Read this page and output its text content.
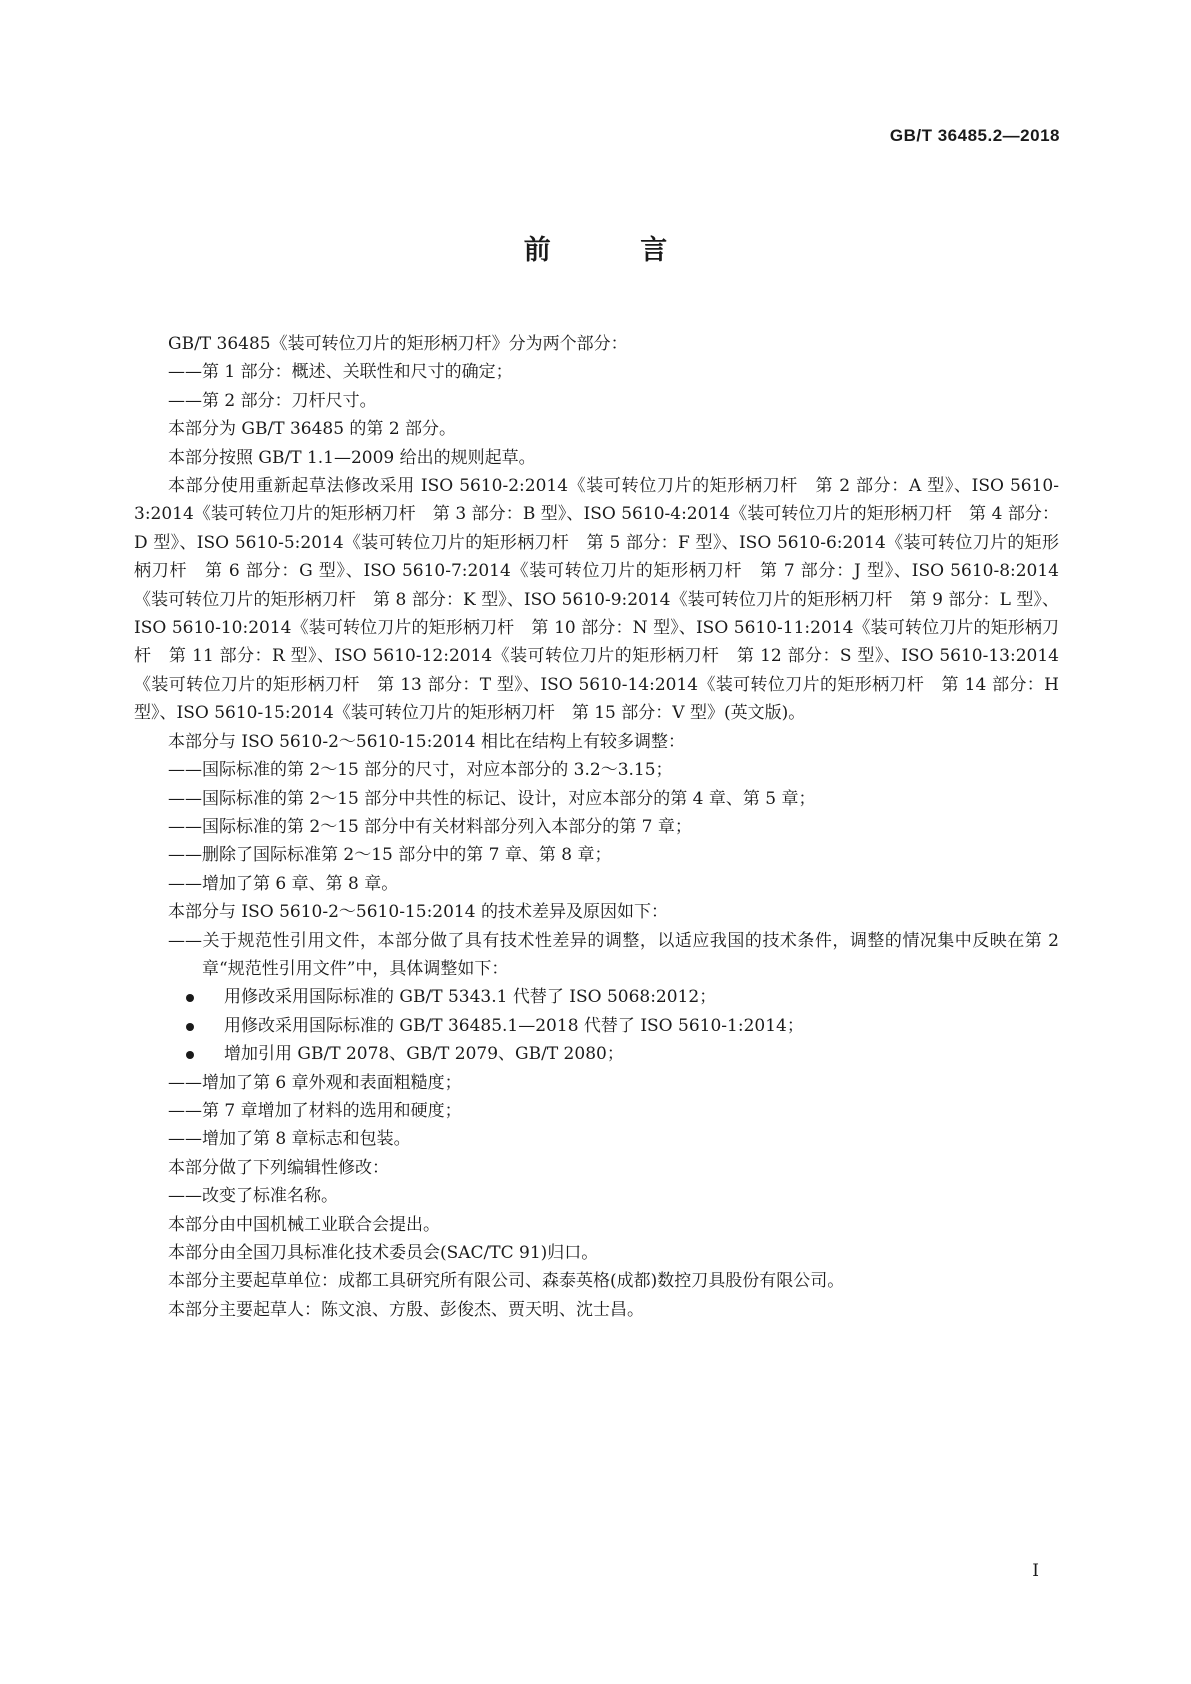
GB/T 36485.2—2018
前 言

GB/T 36485《装可转位刀片的矩形柄刀杆》分为两个部分：

——第 1 部分：概述、关联性和尺寸的确定；

——第 2 部分：刀杆尺寸。

本部分为 GB/T 36485 的第 2 部分。

本部分按照 GB/T 1.1—2009 给出的规则起草。

本部分使用重新起草法修改采用 ISO 5610-2:2014《装可转位刀片的矩形柄刀杆　第 2 部分：A 型》、ISO 5610-3:2014《装可转位刀片的矩形柄刀杆　第 3 部分：B 型》、ISO 5610-4:2014《装可转位刀片的矩形柄刀杆　第 4 部分：D 型》、ISO 5610-5:2014《装可转位刀片的矩形柄刀杆　第 5 部分：F 型》、ISO 5610-6:2014《装可转位刀片的矩形柄刀杆　第 6 部分：G 型》、ISO 5610-7:2014《装可转位刀片的矩形柄刀杆　第 7 部分：J 型》、ISO 5610-8:2014《装可转位刀片的矩形柄刀杆　第 8 部分：K 型》、ISO 5610-9:2014《装可转位刀片的矩形柄刀杆　第 9 部分：L 型》、ISO 5610-10:2014《装可转位刀片的矩形柄刀杆　第 10 部分：N 型》、ISO 5610-11:2014《装可转位刀片的矩形柄刀杆　第 11 部分：R 型》、ISO 5610-12:2014《装可转位刀片的矩形柄刀杆　第 12 部分：S 型》、ISO 5610-13:2014《装可转位刀片的矩形柄刀杆　第 13 部分：T 型》、ISO 5610-14:2014《装可转位刀片的矩形柄刀杆　第 14 部分：H 型》、ISO 5610-15:2014《装可转位刀片的矩形柄刀杆　第 15 部分：V 型》(英文版)。

本部分与 ISO 5610-2～5610-15:2014 相比在结构上有较多调整：

——国际标准的第 2～15 部分的尺寸，对应本部分的 3.2～3.15；

——国际标准的第 2～15 部分中共性的标记、设计，对应本部分的第 4 章、第 5 章；

——国际标准的第 2～15 部分中有关材料部分列入本部分的第 7 章；

——删除了国际标准第 2～15 部分中的第 7 章、第 8 章；

——增加了第 6 章、第 8 章。

本部分与 ISO 5610-2～5610-15:2014 的技术差异及原因如下：

——关于规范性引用文件，本部分做了具有技术性差异的调整，以适应我国的技术条件，调整的情况集中反映在第 2 章“规范性引用文件”中，具体调整如下：

用修改采用国际标准的 GB/T 5343.1 代替了 ISO 5068:2012；

用修改采用国际标准的 GB/T 36485.1—2018 代替了 ISO 5610-1:2014；

增加引用 GB/T 2078、GB/T 2079、GB/T 2080；

——增加了第 6 章外观和表面粗糙度；

——第 7 章增加了材料的选用和硬度；

——增加了第 8 章标志和包装。

本部分做了下列编辑性修改：

——改变了标准名称。

本部分由中国机械工业联合会提出。

本部分由全国刀具标准化技术委员会(SAC/TC 91)归口。

本部分主要起草单位：成都工具研究所有限公司、森泰英格(成都)数控刀具股份有限公司。

本部分主要起草人：陈文浪、方殷、彭俊杰、贾天明、沈士昌。

I
